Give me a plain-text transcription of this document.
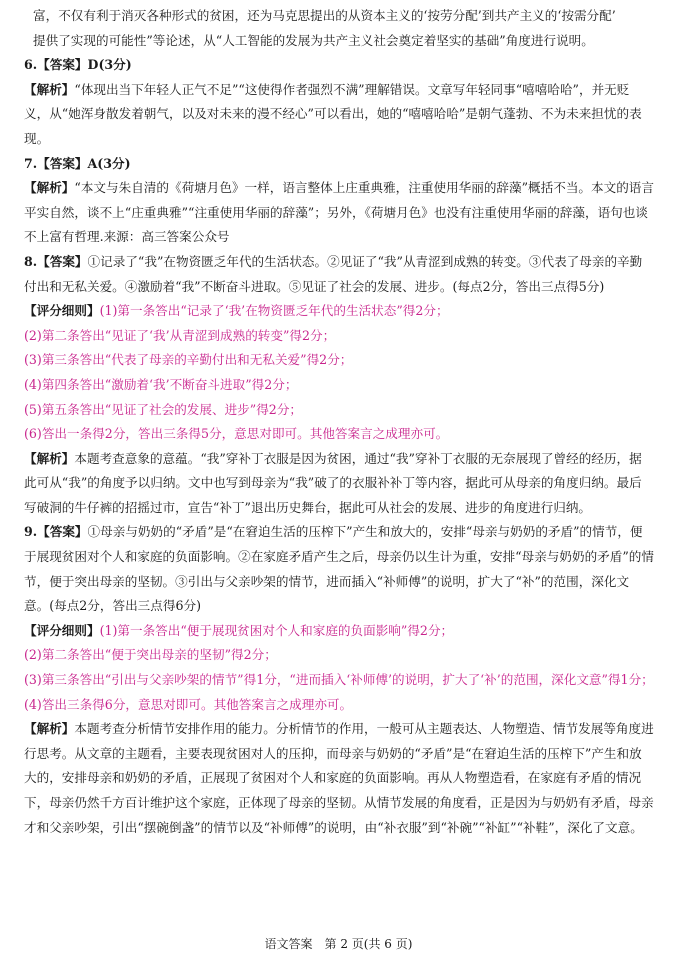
富，不仅有利于消灭各种形式的贫困，还为马克思提出的从资本主义的‘按劳分配’到共产主义的‘按需分配’

提供了实现的可能性”等论述，从“人工智能的发展为共产主义社会奠定着坚实的基础”角度进行说明。

6.【答案】D(3分)

【解析】“体现出当下年轻人正气不足”“这使得作者强烈不满”理解错误。文章写年轻同事“嘻嘻哈哈”，并无贬义，从“她浑身散发着朝气，以及对未来的漫不经心”可以看出，她的“嘻嘻哈哈”是朝气蓬勃、不为未来担忧的表现。

7.【答案】A(3分)

【解析】“本文与朱自清的《荷塘月色》一样，语言整体上庄重典雅，注重使用华丽的辞藻”概括不当。本文的语言平实自然，谈不上“庄重典雅”“注重使用华丽的辞藻”；另外，《荷塘月色》也没有注重使用华丽的辞藻，语句也谈不上富有哲理.来源：高三答案公众号

8.【答案】①记录了“我”在物资匮乏年代的生活状态。②见证了“我”从青涩到成熟的转变。③代表了母亲的辛勤付出和无私关爱。④激励着“我”不断奋斗进取。⑤见证了社会的发展、进步。(每点2分，答出三点得5分)

【评分细则】(1)第一条答出“记录了‘我’在物资匮乏年代的生活状态”得2分；

(2)第二条答出“见证了‘我’从青涩到成熟的转变”得2分；

(3)第三条答出“代表了母亲的辛勤付出和无私关爱”得2分；

(4)第四条答出“激励着‘我’不断奋斗进取”得2分；

(5)第五条答出“见证了社会的发展、进步”得2分；

(6)答出一条得2分，答出三条得5分，意思对即可。其他答案言之成理亦可。

【解析】本题考查意象的意蕴。“我”穿补丁衣服是因为贫困，通过“我”穿补丁衣服的无奈展现了曾经的经历，据此可从“我”的角度予以归纳。文中也写到母亲为“我”破了的衣服补补丁等内容，据此可从母亲的角度归纳。最后写破洞的牛仔裤的招摇过市，宣告“补丁”退出历史舞台，据此可从社会的发展、进步的角度进行归纳。

9.【答案】①母亲与奶奶的“矛盾”是“在窘迫生活的压榨下”产生和放大的，安排“母亲与奶奶的矛盾”的情节，便于展现贫困对个人和家庭的负面影响。②在家庭矛盾产生之后，母亲仍以生计为重，安排“母亲与奶奶的矛盾”的情节，便于突出母亲的坚韧。③引出与父亲吵架的情节，进而插入“补师傅”的说明，扩大了“补”的范围，深化文意。(每点2分，答出三点得6分)

【评分细则】(1)第一条答出“便于展现贫困对个人和家庭的负面影响”得2分；

(2)第二条答出“便于突出母亲的坚韧”得2分；

(3)第三条答出“引出与父亲吵架的情节”得1分，“进而插入‘补师傅’的说明，扩大了‘补’的范围，深化文意”得1分；

(4)答出三条得6分，意思对即可。其他答案言之成理亦可。

【解析】本题考查分析情节安排作用的能力。分析情节的作用，一般可从主题表达、人物塑造、情节发展等角度进行思考。从文章的主题看，主要表现贫困对人的压抑，而母亲与奶奶的“矛盾”是“在窘迫生活的压榨下”产生和放大的，安排母亲和奶奶的矛盾，正展现了贫困对个人和家庭的负面影响。再从人物塑造看，在家庭有矛盾的情况下，母亲仍然千方百计维护这个家庭，正体现了母亲的坚韧。从情节发展的角度看，正是因为与奶奶有矛盾，母亲才和父亲吵架，引出“摆碗倒盏”的情节以及“补师傅”的说明，由“补衣服”到“补碗”“补缸”“补鞋”，深化了文意。

语文答案　第 2 页(共 6 页)
